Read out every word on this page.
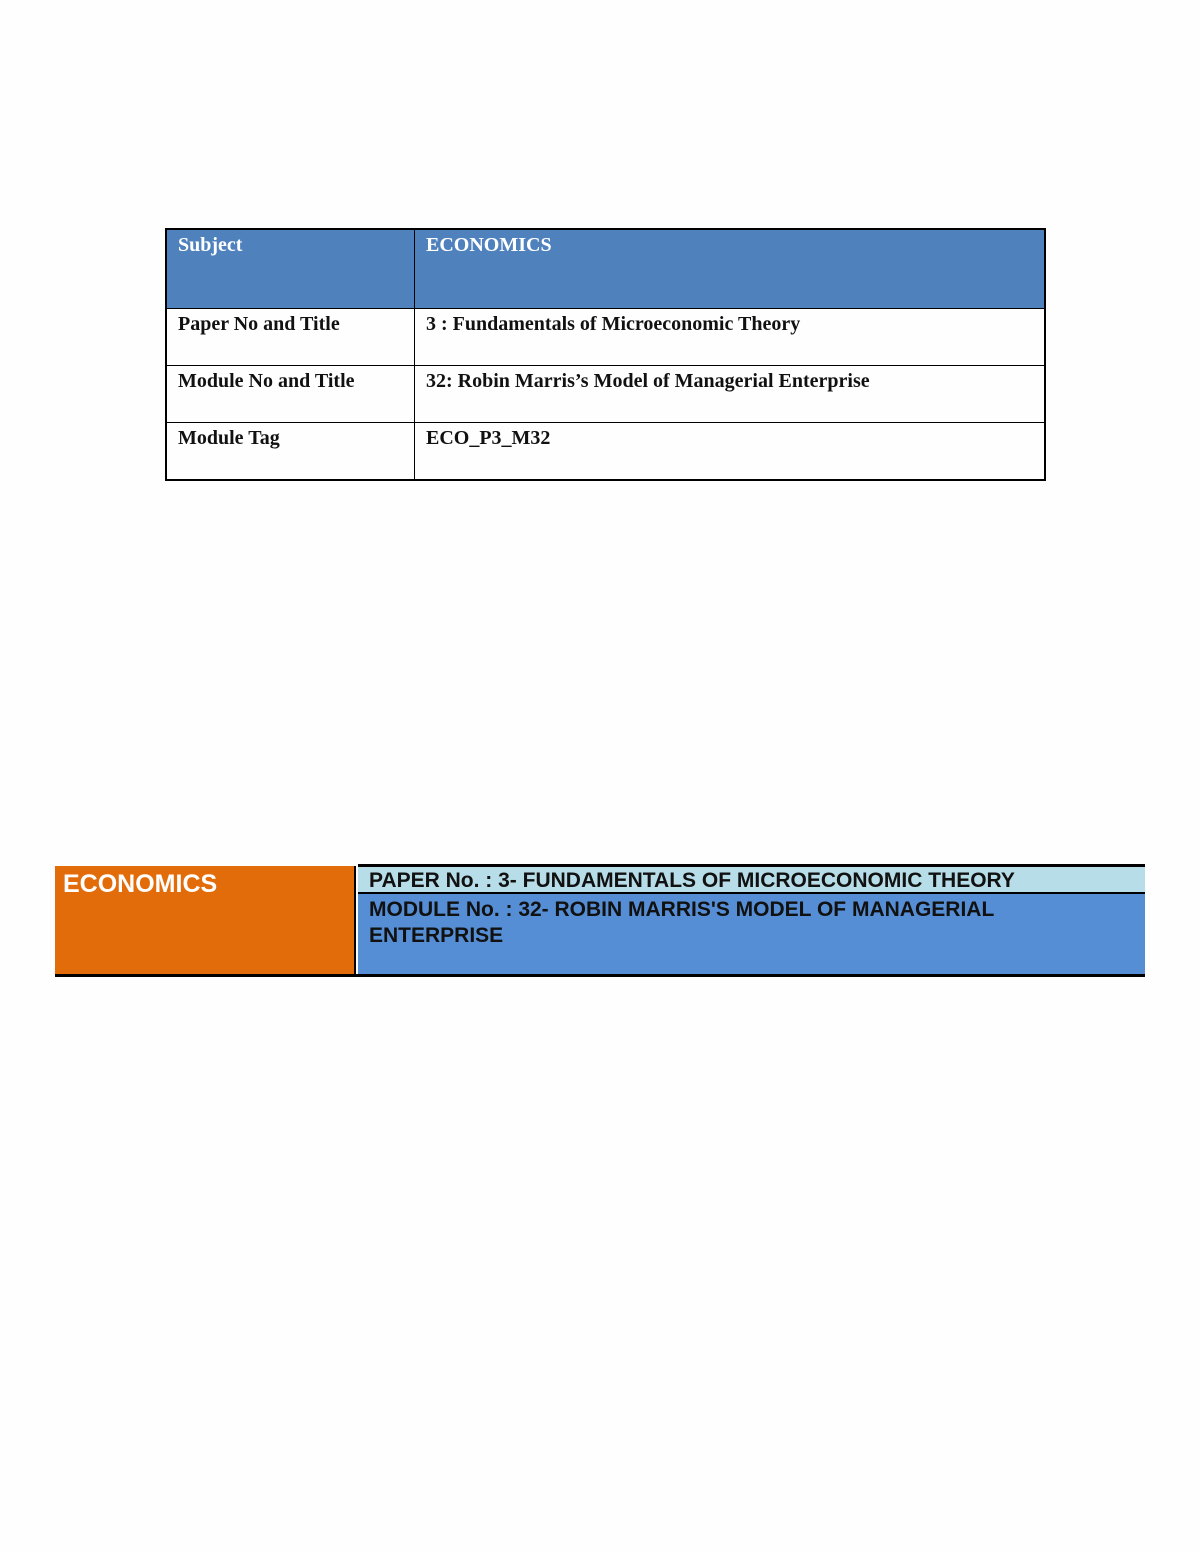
Subject	ECONOMICS
Paper No and Title	3 : Fundamentals of Microeconomic Theory
Module No and Title	32: Robin Marris’s Model of Managerial Enterprise
Module Tag	ECO_P3_M32
ECONOMICS	PAPER No. : 3- FUNDAMENTALS OF MICROECONOMIC THEORY
MODULE No. : 32- ROBIN MARRIS'S MODEL OF MANAGERIAL ENTERPRISE
